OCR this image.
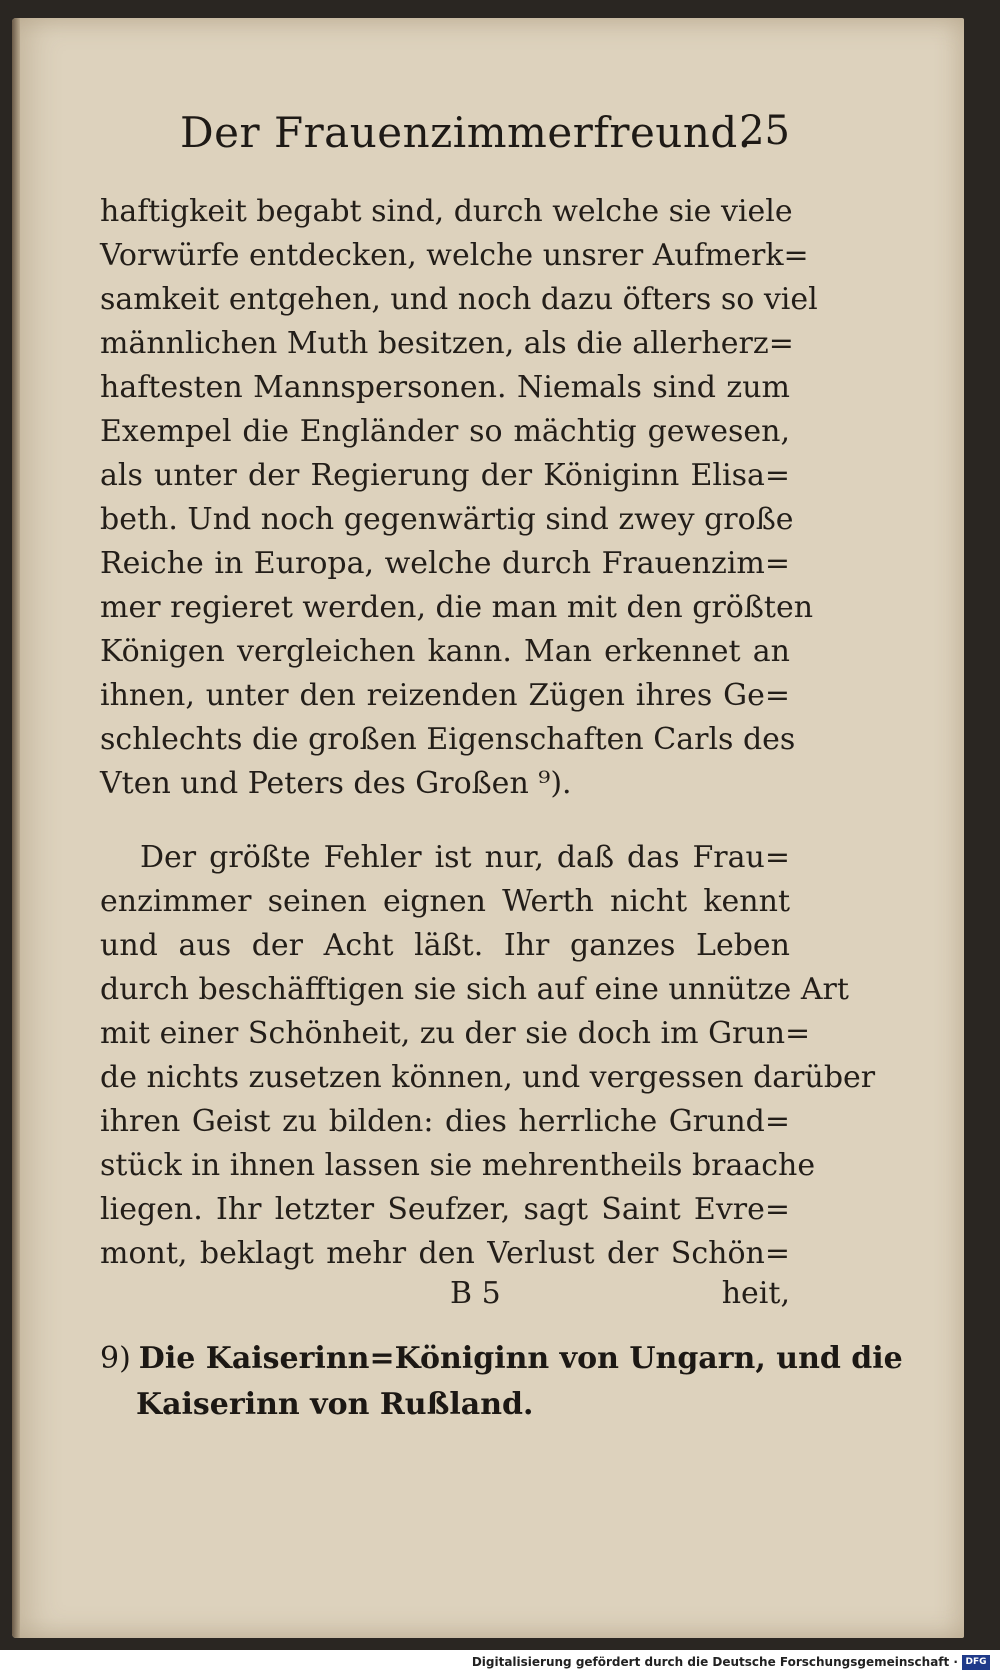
Der Frauenzimmerfreund.
25
haftigkeit begabt sind, durch welche sie viele
Vorwürfe entdecken, welche unsrer Aufmerk=
samkeit entgehen, und noch dazu öfters so viel
männlichen Muth besitzen, als die allerherz=
haftesten Mannspersonen. Niemals sind zum
Exempel die Engländer so mächtig gewesen,
als unter der Regierung der Königinn Elisa=
beth. Und noch gegenwärtig sind zwey große
Reiche in Europa, welche durch Frauenzim=
mer regieret werden, die man mit den größten
Königen vergleichen kann. Man erkennet an
ihnen, unter den reizenden Zügen ihres Ge=
schlechts die großen Eigenschaften Carls des
Vten und Peters des Großen ⁹).
Der größte Fehler ist nur, daß das Frau=
enzimmer seinen eignen Werth nicht kennt
und aus der Acht läßt. Ihr ganzes Leben
durch beschäfftigen sie sich auf eine unnütze Art
mit einer Schönheit, zu der sie doch im Grun=
de nichts zusetzen können, und vergessen darüber
ihren Geist zu bilden: dies herrliche Grund=
stück in ihnen lassen sie mehrentheils braache
liegen. Ihr letzter Seufzer, sagt Saint Evre=
mont, beklagt mehr den Verlust der Schön=
B 5	heit,
9) Die Kaiserinn=Königinn von Ungarn, und die
Kaiserinn von Rußland.
Digitalisierung gefördert durch die Deutsche Forschungsgemeinschaft · DFG
